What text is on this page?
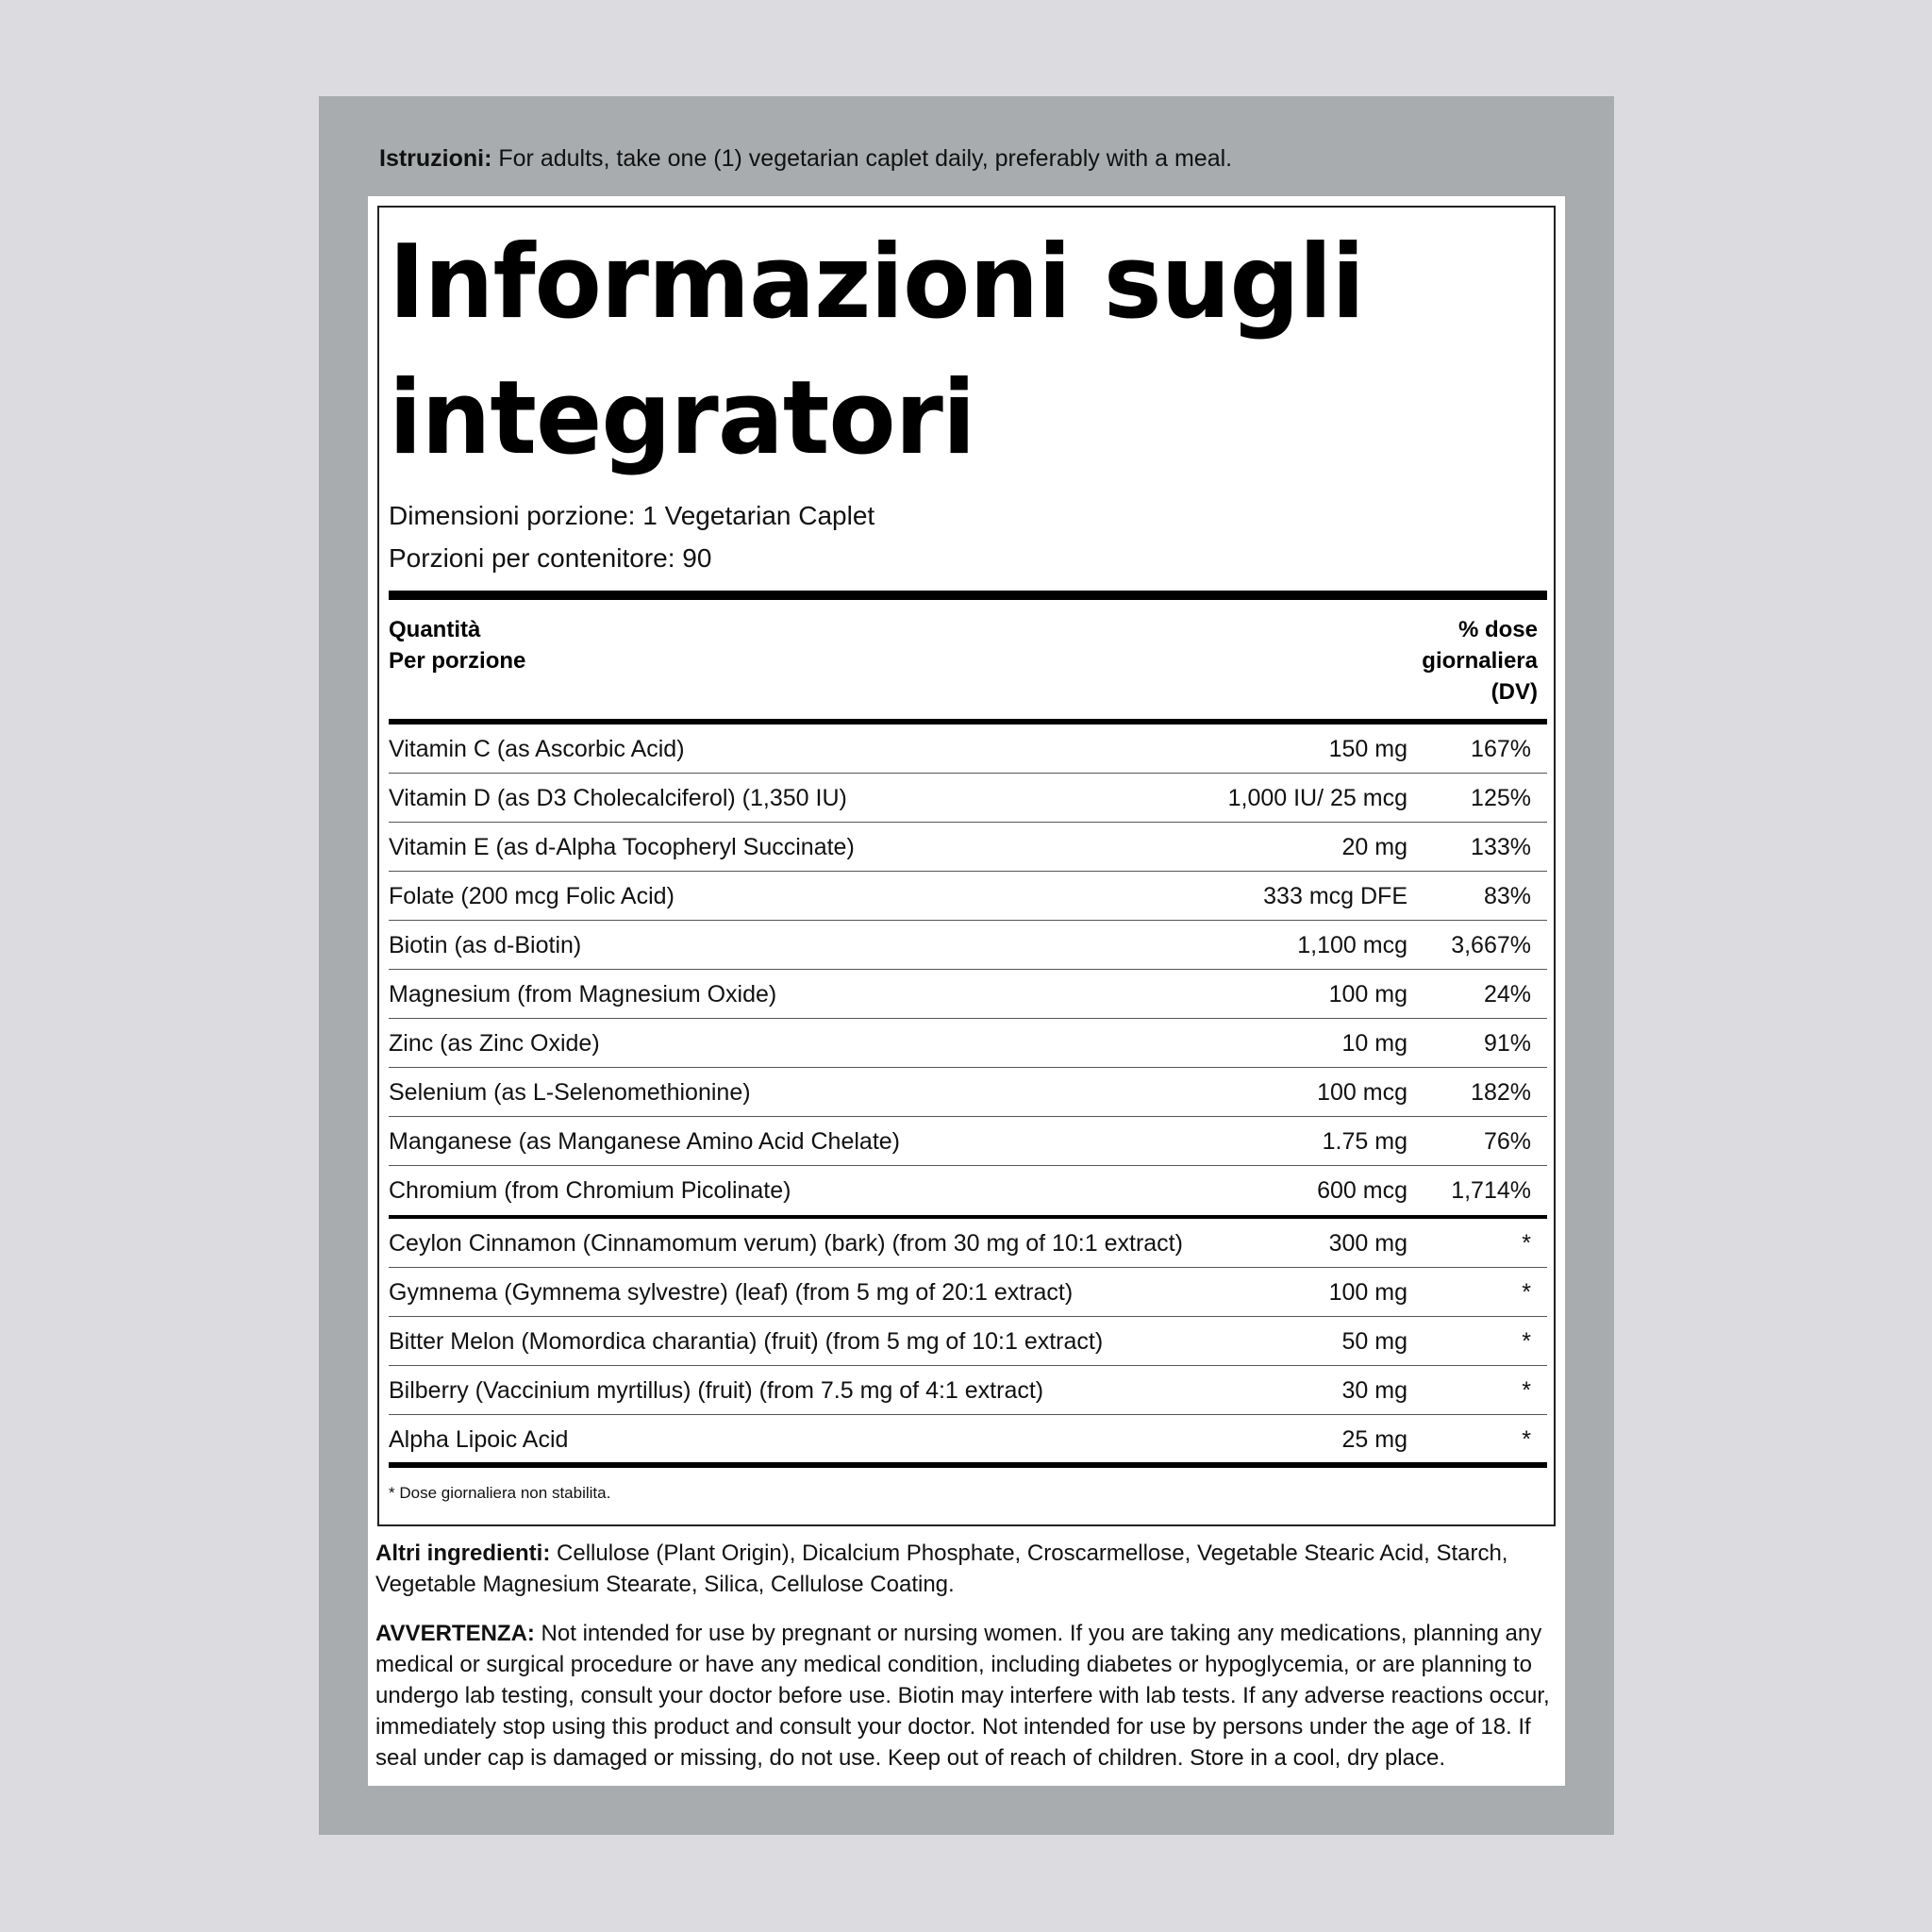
Istruzioni: For adults, take one (1) vegetarian caplet daily, preferably with a meal.
Informazioni sugli integratori
Dimensioni porzione: 1 Vegetarian Caplet
Porzioni per contenitore: 90
Quantità
Per porzione
% dose
giornaliera
(DV)
Vitamin C (as Ascorbic Acid)	150 mg	167%
Vitamin D (as D3 Cholecalciferol) (1,350 IU)	1,000 IU/ 25 mcg	125%
Vitamin E (as d-Alpha Tocopheryl Succinate)	20 mg	133%
Folate (200 mcg Folic Acid)	333 mcg DFE	83%
Biotin (as d-Biotin)	1,100 mcg 3,667%
Magnesium (from Magnesium Oxide)	100 mg	24%
Zinc (as Zinc Oxide)	10 mg	91%
Selenium (as L-Selenomethionine)	100 mcg	182%
Manganese (as Manganese Amino Acid Chelate)	1.75 mg	76%
Chromium (from Chromium Picolinate)	600 mcg 1,714%
Ceylon Cinnamon (Cinnamomum verum) (bark) (from 30 mg of 10:1 extract)	300 mg	*
Gymnema (Gymnema sylvestre) (leaf) (from 5 mg of 20:1 extract)	100 mg	*
Bitter Melon (Momordica charantia) (fruit) (from 5 mg of 10:1 extract)	50 mg	*
Bilberry (Vaccinium myrtillus) (fruit) (from 7.5 mg of 4:1 extract)	30 mg	*
Alpha Lipoic Acid	25 mg	*
* Dose giornaliera non stabilita.
Altri ingredienti: Cellulose (Plant Origin), Dicalcium Phosphate, Croscarmellose, Vegetable Stearic Acid, Starch, Vegetable Magnesium Stearate, Silica, Cellulose Coating.
AVVERTENZA: Not intended for use by pregnant or nursing women. If you are taking any medications, planning any medical or surgical procedure or have any medical condition, including diabetes or hypoglycemia, or are planning to undergo lab testing, consult your doctor before use. Biotin may interfere with lab tests. If any adverse reactions occur, immediately stop using this product and consult your doctor. Not intended for use by persons under the age of 18. If seal under cap is damaged or missing, do not use. Keep out of reach of children. Store in a cool, dry place.
